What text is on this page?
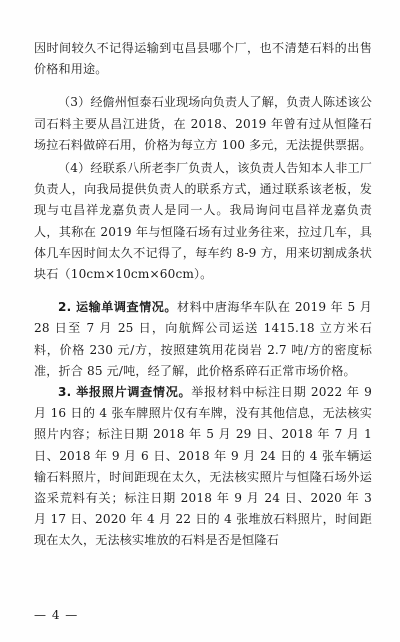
因时间较久不记得运输到屯昌县哪个厂，也不清楚石料的出售价格和用途。

（3）经儋州恒泰石业现场向负责人了解，负责人陈述该公司石料主要从昌江进货，在 2018、2019 年曾有过从恒隆石场拉石料做碎石用，价格为每立方 100 多元，无法提供票据。

（4）经联系八所老李厂负责人，该负责人告知本人非工厂负责人，向我局提供负责人的联系方式，通过联系该老板，发现与屯昌祥龙嘉负责人是同一人。我局询问屯昌祥龙嘉负责人，其称在 2019 年与恒隆石场有过业务往来，拉过几车，具体几车因时间太久不记得了，每车约 8-9 方，用来切割成条状块石（10cm×10cm×60cm）。

2. 运输单调查情况。材料中唐海华车队在 2019 年 5 月 28 日至 7 月 25 日，向航辉公司运送 1415.18 立方米石料，价格 230 元/方，按照建筑用花岗岩 2.7 吨/方的密度标准，折合 85 元/吨，经了解，此价格系碎石正常市场价格。

3. 举报照片调查情况。举报材料中标注日期 2022 年 9 月 16 日的 4 张车牌照片仅有车牌，没有其他信息，无法核实照片内容；标注日期 2018 年 5 月 29 日、2018 年 7 月 1 日、2018 年 9 月 6 日、2018 年 9 月 24 日的 4 张车辆运输石料照片，时间距现在太久，无法核实照片与恒隆石场外运盗采荒料有关；标注日期 2018 年 9 月 24 日、2020 年 3 月 17 日、2020 年 4 月 22 日的 4 张堆放石料照片，时间距现在太久，无法核实堆放的石料是否是恒隆石

— 4 —
